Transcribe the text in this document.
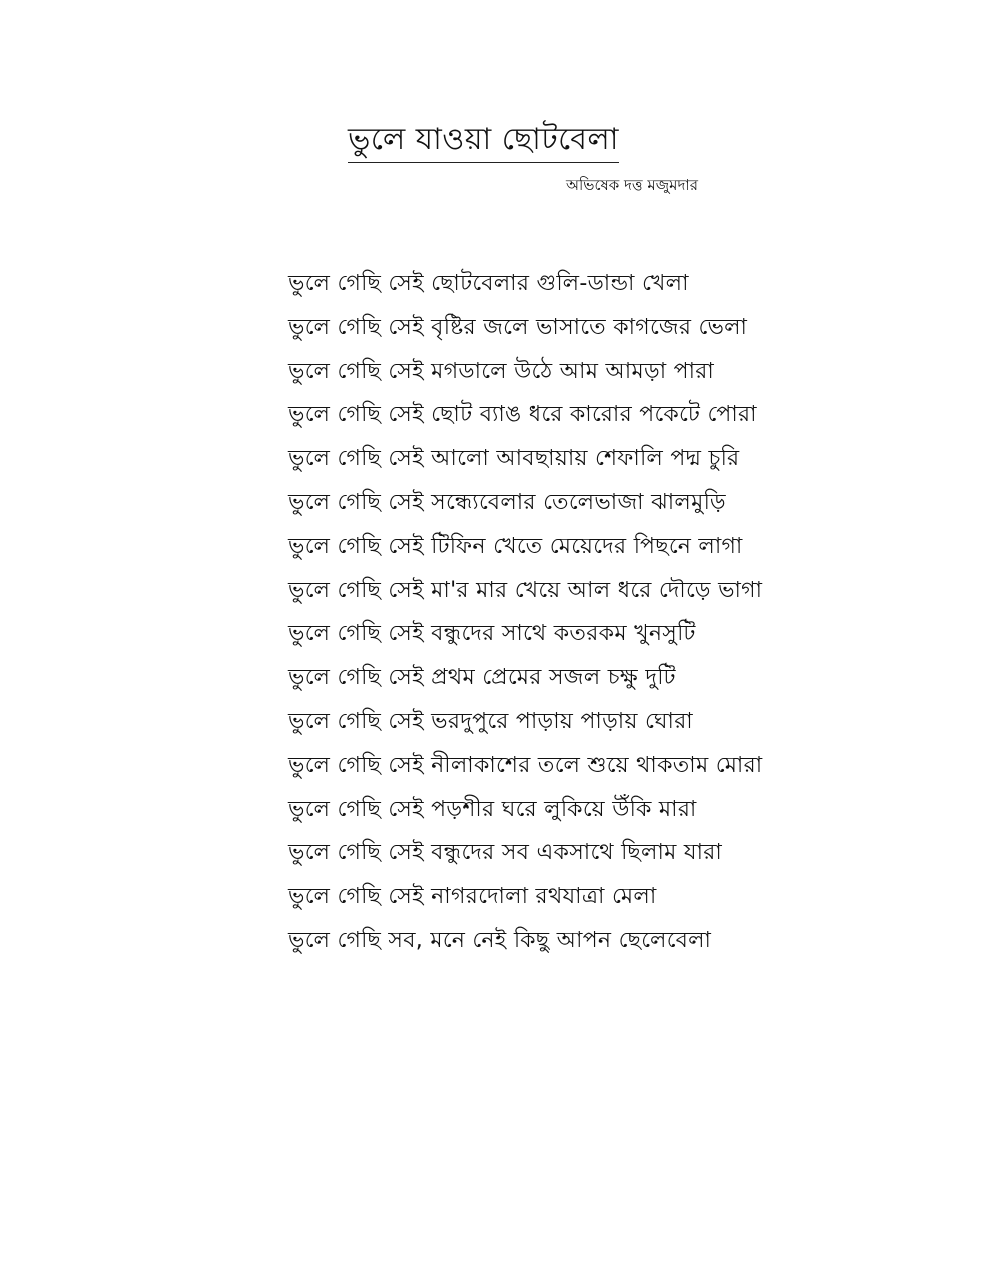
ভুলে যাওয়া ছোটবেলা
অভিষেক দত্ত মজুমদার
ভুলে গেছি সেই ছোটবেলার গুলি-ডান্ডা খেলা
ভুলে গেছি সেই বৃষ্টির জলে ভাসাতে কাগজের ভেলা
ভুলে গেছি সেই মগডালে উঠে আম আমড়া পারা
ভুলে গেছি সেই ছোট ব্যাঙ ধরে কারোর পকেটে পোরা
ভুলে গেছি সেই আলো আবছায়ায় শেফালি পদ্ম চুরি
ভুলে গেছি সেই সন্ধ্যেবেলার তেলেভাজা ঝালমুড়ি
ভুলে গেছি সেই টিফিন খেতে মেয়েদের পিছনে লাগা
ভুলে গেছি সেই মা'র মার খেয়ে আল ধরে দৌড়ে ভাগা
ভুলে গেছি সেই বন্ধুদের সাথে কতরকম খুনসুটি
ভুলে গেছি সেই প্রথম প্রেমের সজল চক্ষু দুটি
ভুলে গেছি সেই ভরদুপুরে পাড়ায় পাড়ায় ঘোরা
ভুলে গেছি সেই নীলাকাশের তলে শুয়ে থাকতাম মোরা
ভুলে গেছি সেই পড়শীর ঘরে লুকিয়ে উঁকি মারা
ভুলে গেছি সেই বন্ধুদের সব একসাথে ছিলাম যারা
ভুলে গেছি সেই নাগরদোলা রথযাত্রা মেলা
ভুলে গেছি সব, মনে নেই কিছু আপন ছেলেবেলা
